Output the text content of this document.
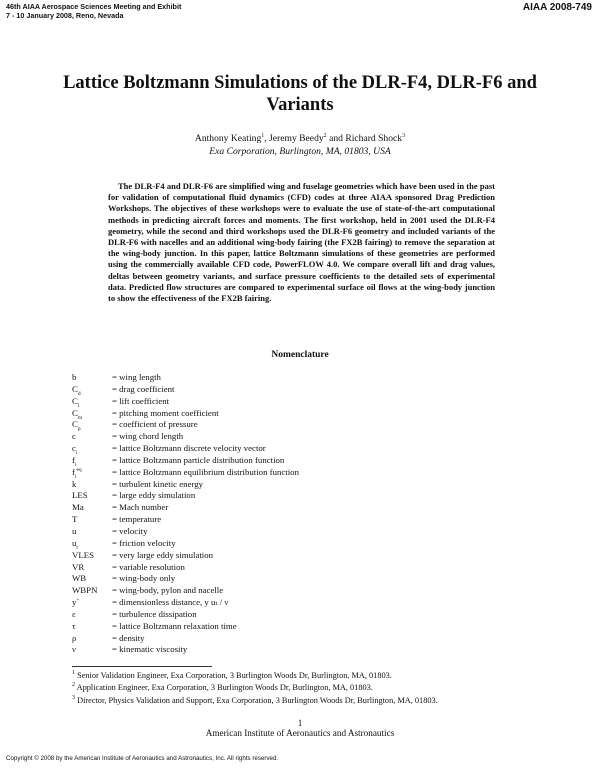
46th AIAA Aerospace Sciences Meeting and Exhibit
7 - 10 January 2008, Reno, Nevada
AIAA 2008-749
Lattice Boltzmann Simulations of the DLR-F4, DLR-F6 and Variants
Anthony Keating$^1$, Jeremy Beedy$^2$ and Richard Shock$^3$
Exa Corporation, Burlington, MA, 01803, USA

The DLR-F4 and DLR-F6 are simplified wing and fuselage geometries which have been used in the past for validation of computational fluid dynamics (CFD) codes at three AIAA sponsored Drag Prediction Workshops. The objectives of these workshops were to evaluate the use of state-of-the-art computational methods in predicting aircraft forces and moments. The first workshop, held in 2001 used the DLR-F4 geometry, while the second and third workshops used the DLR-F6 geometry and included variants of the DLR-F6 with nacelles and an additional wing-body fairing (the FX2B fairing) to remove the separation at the wing-body junction. In this paper, lattice Boltzmann simulations of these geometries are performed using the commercially available CFD code, PowerFLOW 4.0. We compare overall lift and drag values, deltas between geometry variants, and surface pressure coefficients to the detailed sets of experimental data. Predicted flow structures are compared to experimental surface oil flows at the wing-body junction to show the effectiveness of the FX2B fairing.

Nomenclature
b	= wing length
$C_d$	= drag coefficient
$C_l$	= lift coefficient
$C_m$	= pitching moment coefficient
$C_p$	= coefficient of pressure
c	= wing chord length
$c_i$	= lattice Boltzmann discrete velocity vector
$f_i$	= lattice Boltzmann particle distribution function
$f_i^{eq}$	= lattice Boltzmann equilibrium distribution function
k	= turbulent kinetic energy
LES	= large eddy simulation
Ma	= Mach number
T	= temperature
u	= velocity
$u_t$	= friction velocity
VLES = very large eddy simulation
VR	= variable resolution
WB	= wing-body only
WBPN = wing-body, pylon and nacelle
y+	= dimensionless distance, y uₜ / ν
ε	= turbulence dissipation
τ	= lattice Boltzmann relaxation time
ρ	= density
ν	= kinematic viscosity
$^1$ Senior Validation Engineer, Exa Corporation, 3 Burlington Woods Dr, Burlington, MA, 01803.
$^2$ Application Engineer, Exa Corporation, 3 Burlington Woods Dr, Burlington, MA, 01803.
$^3$ Director, Physics Validation and Support, Exa Corporation, 3 Burlington Woods Dr, Burlington, MA, 01803.
1
American Institute of Aeronautics and Astronautics
Copyright © 2008 by the American Institute of Aeronautics and Astronautics, Inc. All rights reserved.
